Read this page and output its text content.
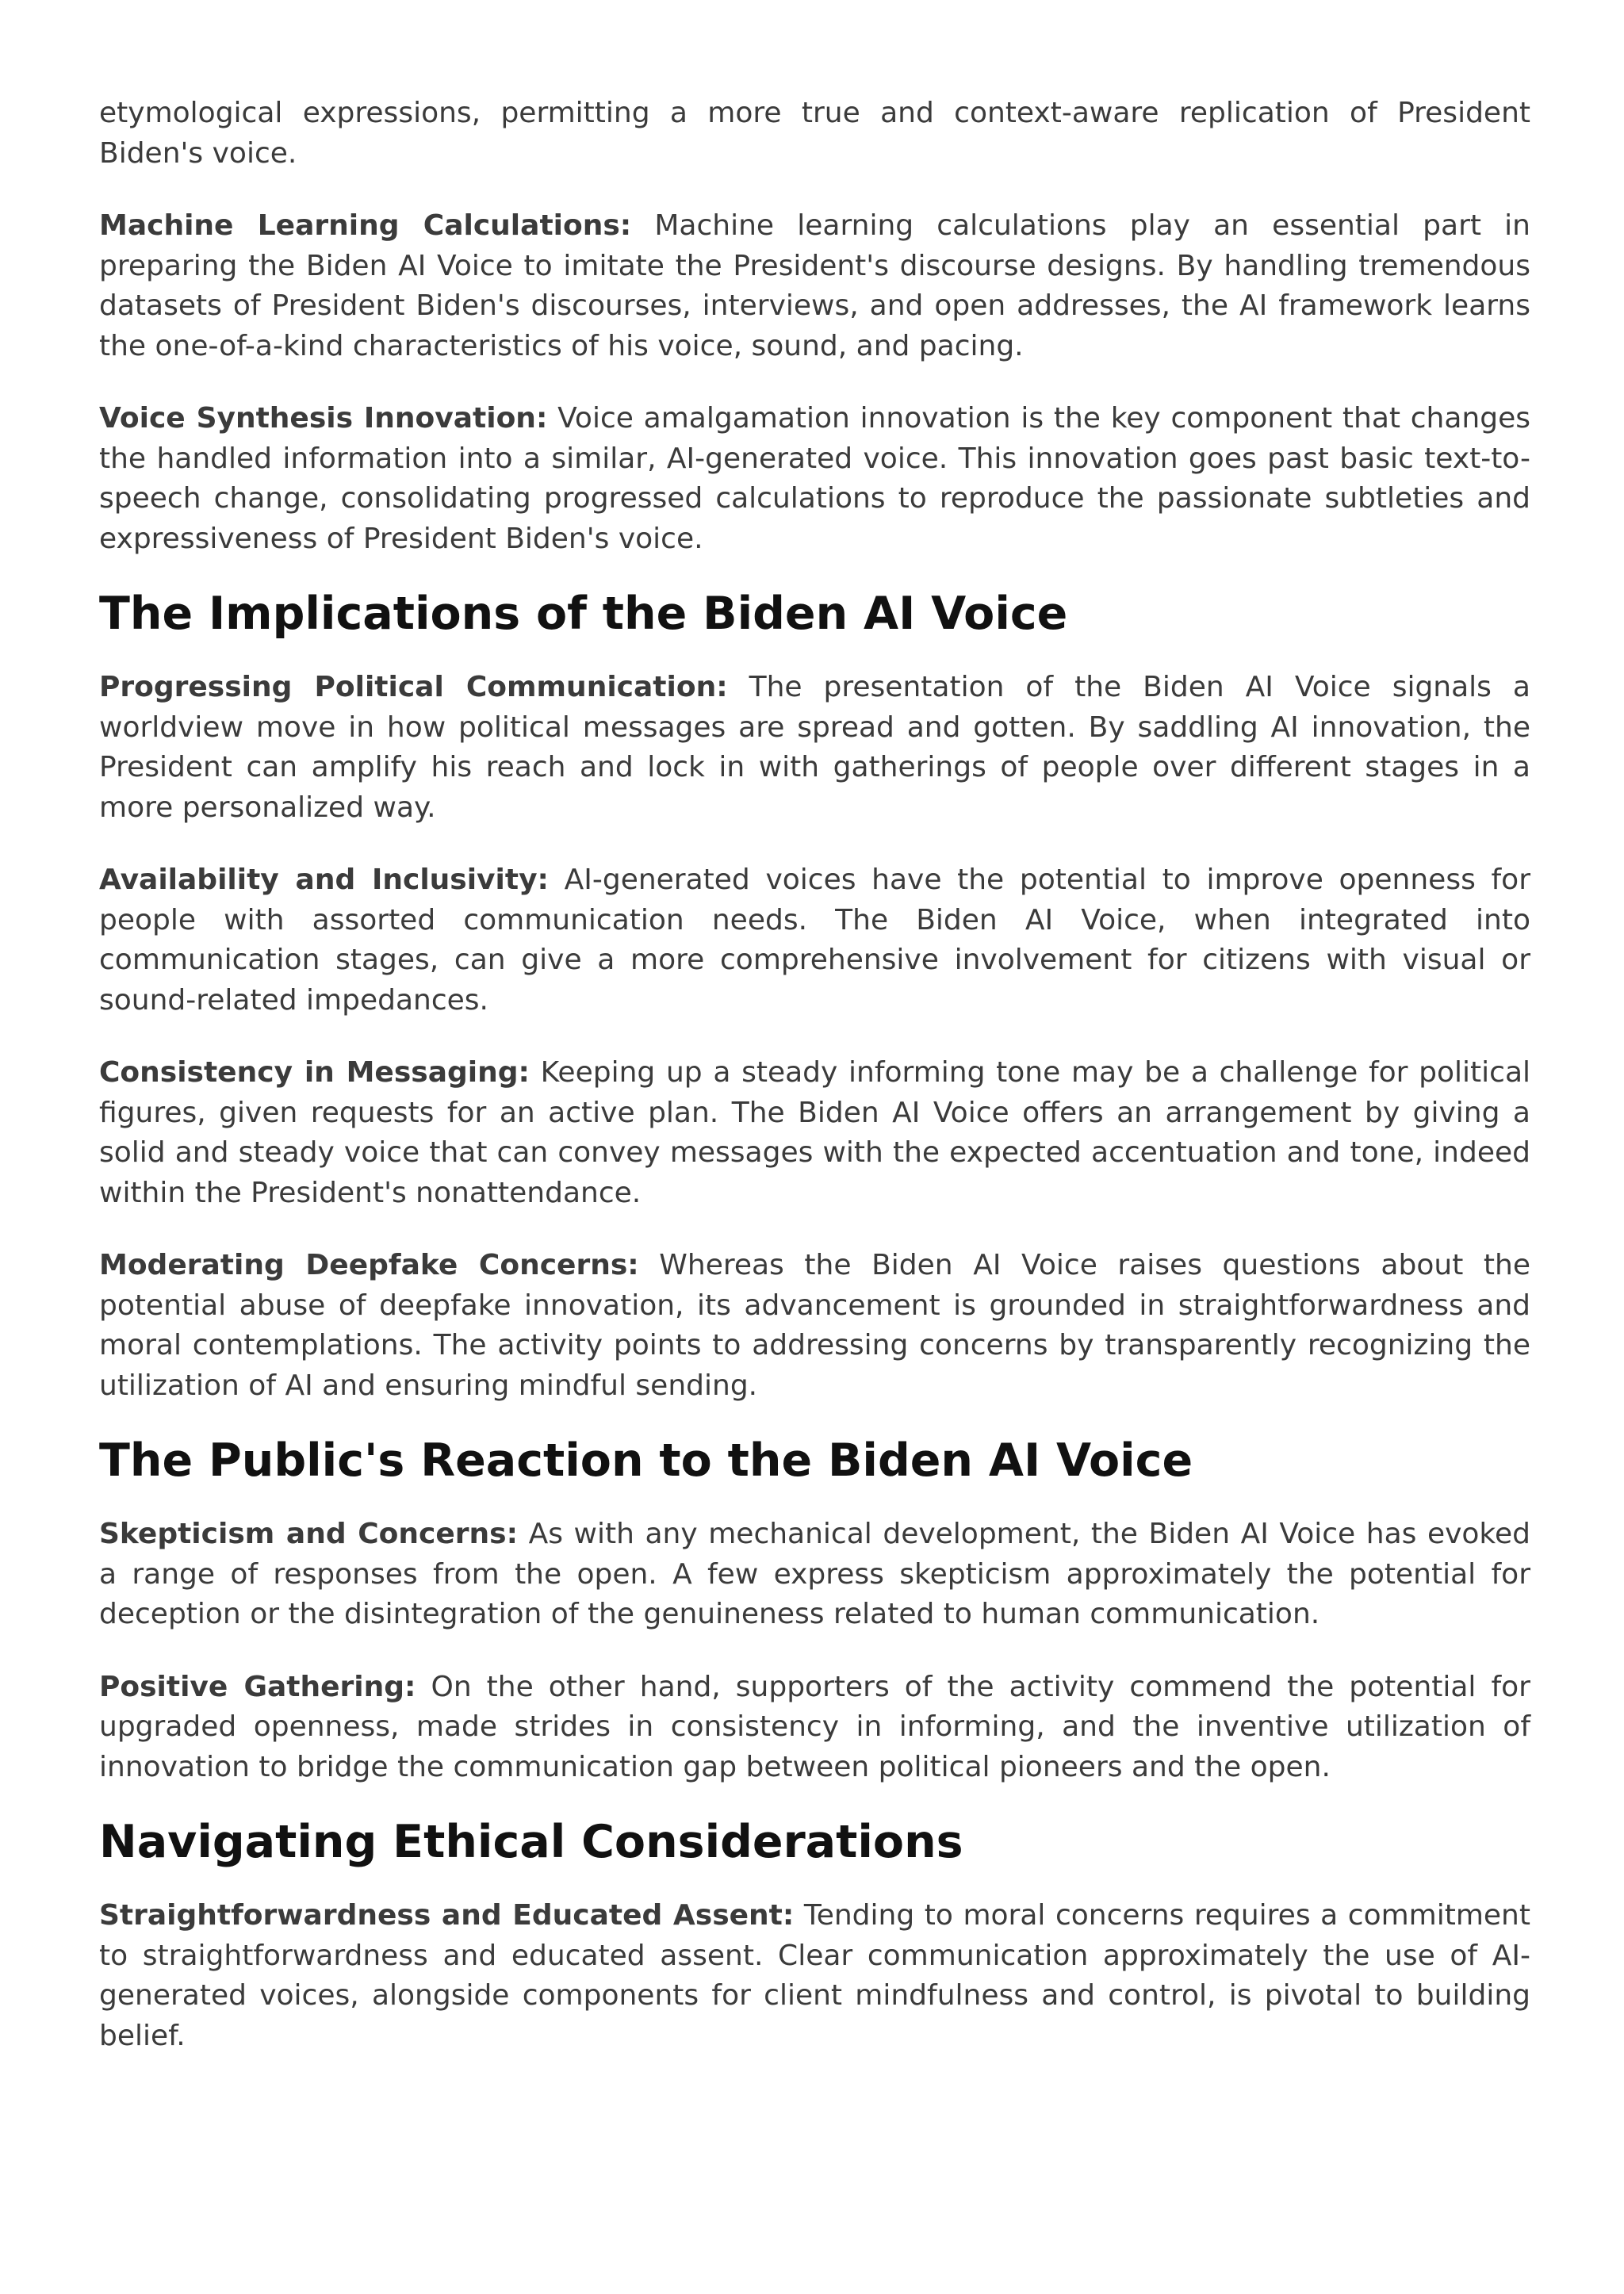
etymological expressions, permitting a more true and context-aware replication of President Biden's voice.

Machine Learning Calculations: Machine learning calculations play an essential part in preparing the Biden AI Voice to imitate the President's discourse designs. By handling tremendous datasets of President Biden's discourses, interviews, and open addresses, the AI framework learns the one-of-a-kind characteristics of his voice, sound, and pacing.

Voice Synthesis Innovation: Voice amalgamation innovation is the key component that changes the handled information into a similar, AI-generated voice. This innovation goes past basic text-to-speech change, consolidating progressed calculations to reproduce the passionate subtleties and expressiveness of President Biden's voice.

The Implications of the Biden AI Voice

Progressing Political Communication: The presentation of the Biden AI Voice signals a worldview move in how political messages are spread and gotten. By saddling AI innovation, the President can amplify his reach and lock in with gatherings of people over different stages in a more personalized way.

Availability and Inclusivity: AI-generated voices have the potential to improve openness for people with assorted communication needs. The Biden AI Voice, when integrated into communication stages, can give a more comprehensive involvement for citizens with visual or sound-related impedances.

Consistency in Messaging: Keeping up a steady informing tone may be a challenge for political figures, given requests for an active plan. The Biden AI Voice offers an arrangement by giving a solid and steady voice that can convey messages with the expected accentuation and tone, indeed within the President's nonattendance.

Moderating Deepfake Concerns: Whereas the Biden AI Voice raises questions about the potential abuse of deepfake innovation, its advancement is grounded in straightforwardness and moral contemplations. The activity points to addressing concerns by transparently recognizing the utilization of AI and ensuring mindful sending.

The Public's Reaction to the Biden AI Voice

Skepticism and Concerns: As with any mechanical development, the Biden AI Voice has evoked a range of responses from the open. A few express skepticism approximately the potential for deception or the disintegration of the genuineness related to human communication.

Positive Gathering: On the other hand, supporters of the activity commend the potential for upgraded openness, made strides in consistency in informing, and the inventive utilization of innovation to bridge the communication gap between political pioneers and the open.

Navigating Ethical Considerations

Straightforwardness and Educated Assent: Tending to moral concerns requires a commitment to straightforwardness and educated assent. Clear communication approximately the use of AI-generated voices, alongside components for client mindfulness and control, is pivotal to building belief.
